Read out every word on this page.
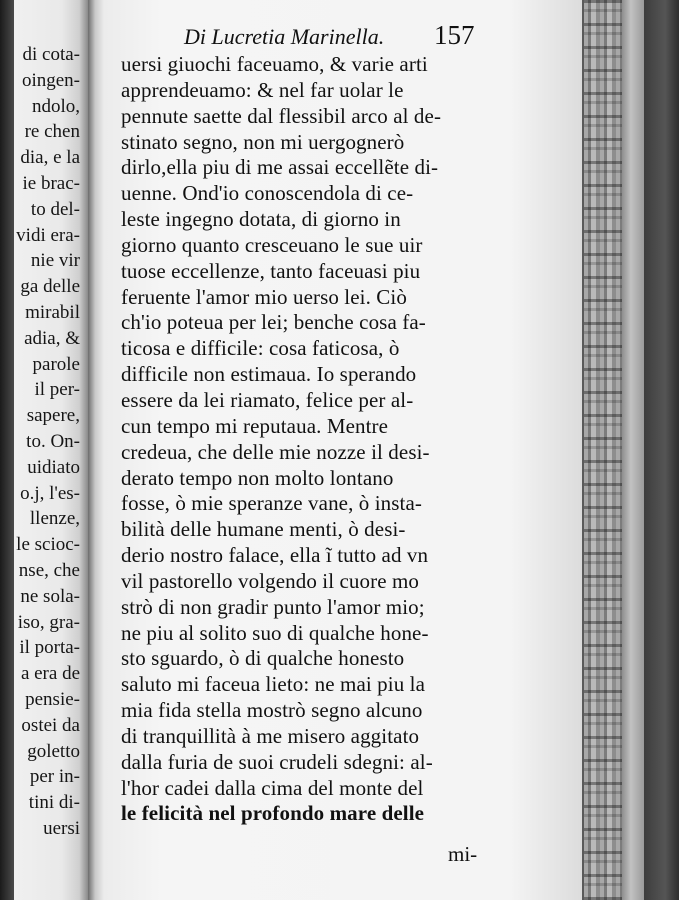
di cota-
oingen-
ndolo,
re chen
dia, e la
ie brac-
to del-
vidi era-
nie vir
ga delle
mirabil
adia, &
parole
il per-
sapere,
to. On-
uidiato
o.j, l'es-
llenze,
le sciоc-
nse, che
ne sola-
iso, gra-
il porta-
a era de
pensie-
ostei da
goletto
per in-
tini di-
uersi
Di Lucretia Marinella. 157
uersi giuochi faceuamo, & varie arti
apprendeuamo: & nel far uolar le
pennute saette dal flessibil arco al de-
stinato segno, non mi uergognerò
dirlo,ella piu di me assai eccellẽte di-
uenne. Ond'io conoscendola di ce-
leste ingegno dotata, di giorno in
giorno quanto cresceuano le sue uir
tuose eccellenze, tanto faceuasi piu
feruente l'amor mio uerso lei. Ciò
ch'io poteua per lei; benche cosa fa-
ticosa e difficile: cosa faticosa, ò
difficile non estimaua. Io sperando
essere da lei riamato, felice per al-
cun tempo mi reputaua. Mentre
credeua, che delle mie nozze il desi-
derato tempo non molto lontano
fosse, ò mie speranze vane, ò insta-
bilità delle humane menti, ò desi-
derio nostro falace, ella ĩ tutto ad vn
vil pastorello volgendo il cuore mo
strò di non gradir punto l'amor mio;
ne piu al solito suo di qualche hone-
sto sguardo, ò di qualche honesto
saluto mi faceua lieto: ne mai piu la
mia fida stella mostrò segno alcuno
di tranquillità à me misero aggitato
dalla furia de suoi crudeli sdegni: al-
l'hor cadei dalla cima del monte del
le felicità nel profondo mare delle
mi-
